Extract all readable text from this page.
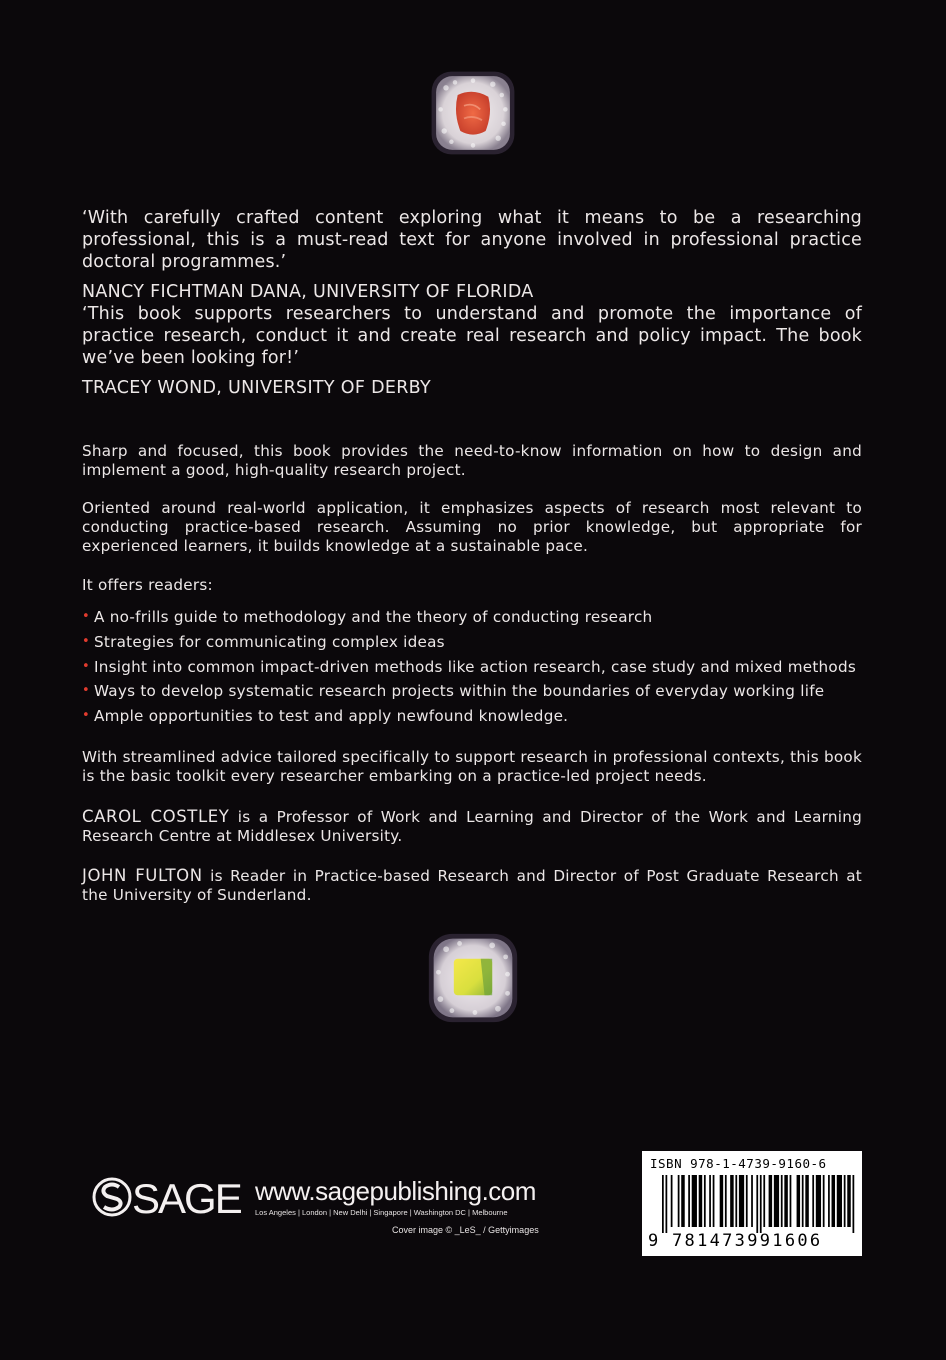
‘With carefully crafted content exploring what it means to be a researching professional, this is a must-read text for anyone involved in professional practice doctoral programmes.’

NANCY FICHTMAN DANA, UNIVERSITY OF FLORIDA

‘This book supports researchers to understand and promote the importance of practice research, conduct it and create real research and policy impact. The book we’ve been looking for!’

TRACEY WOND, UNIVERSITY OF DERBY

Sharp and focused, this book provides the need-to-know information on how to design and implement a good, high-quality research project.

Oriented around real-world application, it emphasizes aspects of research most relevant to conducting practice-based research. Assuming no prior knowledge, but appropriate for experienced learners, it builds knowledge at a sustainable pace.

It offers readers:

• A no-frills guide to methodology and the theory of conducting research
• Strategies for communicating complex ideas
• Insight into common impact-driven methods like action research, case study and mixed methods
• Ways to develop systematic research projects within the boundaries of everyday working life
• Ample opportunities to test and apply newfound knowledge.

With streamlined advice tailored specifically to support research in professional contexts, this book is the basic toolkit every researcher embarking on a practice-led project needs.

CAROL COSTLEY is a Professor of Work and Learning and Director of the Work and Learning Research Centre at Middlesex University.

JOHN FULTON is Reader in Practice-based Research and Director of Post Graduate Research at the University of Sunderland.

SAGE www.sagepublishing.com
Los Angeles | London | New Delhi | Singapore | Washington DC | Melbourne
Cover image © _LeS_ / Gettyimages
ISBN 978-1-4739-9160-6
9 781473991606
